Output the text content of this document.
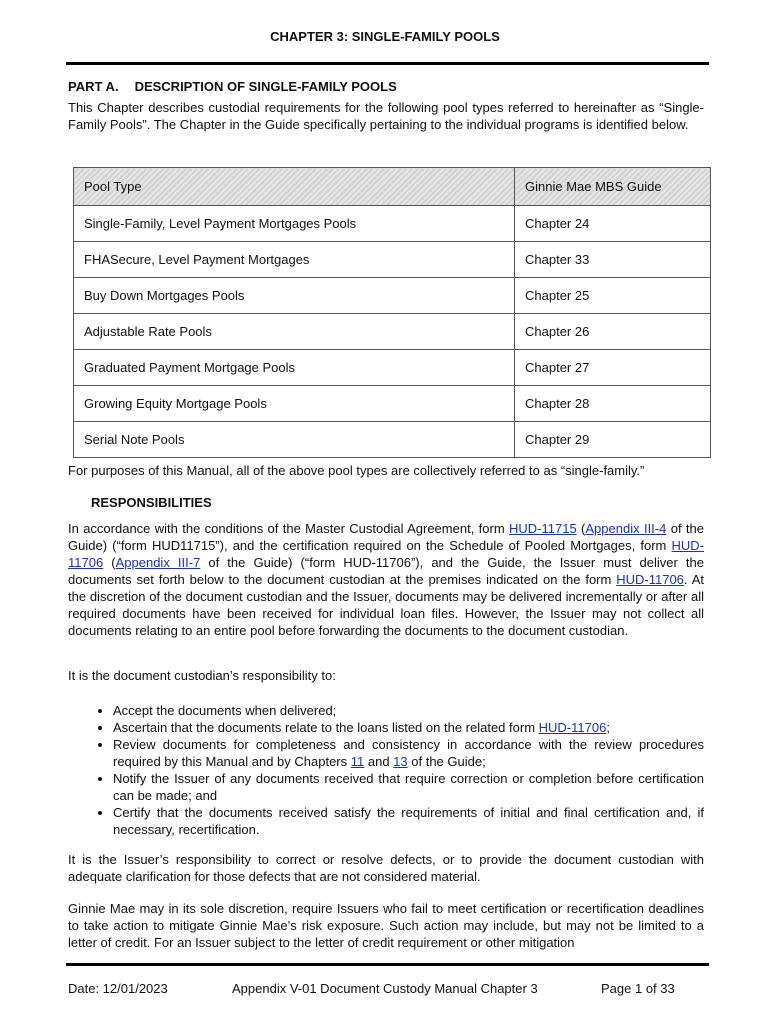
CHAPTER 3: SINGLE-FAMILY POOLS
PART A. DESCRIPTION OF SINGLE-FAMILY POOLS
This Chapter describes custodial requirements for the following pool types referred to hereinafter as “Single-Family Pools”. The Chapter in the Guide specifically pertaining to the individual programs is identified below.
Pool Type	Ginnie Mae MBS Guide
Single-Family, Level Payment Mortgages Pools	Chapter 24
FHASecure, Level Payment Mortgages	Chapter 33
Buy Down Mortgages Pools	Chapter 25
Adjustable Rate Pools	Chapter 26
Graduated Payment Mortgage Pools	Chapter 27
Growing Equity Mortgage Pools	Chapter 28
Serial Note Pools	Chapter 29
For purposes of this Manual, all of the above pool types are collectively referred to as “single-family.”
RESPONSIBILITIES
In accordance with the conditions of the Master Custodial Agreement, form HUD-11715 (Appendix III-4 of the Guide) (“form HUD11715”), and the certification required on the Schedule of Pooled Mortgages, form HUD-11706 (Appendix III-7 of the Guide) (“form HUD-11706”), and the Guide, the Issuer must deliver the documents set forth below to the document custodian at the premises indicated on the form HUD-11706. At the discretion of the document custodian and the Issuer, documents may be delivered incrementally or after all required documents have been received for individual loan files. However, the Issuer may not collect all documents relating to an entire pool before forwarding the documents to the document custodian.
It is the document custodian’s responsibility to:
• Accept the documents when delivered;
• Ascertain that the documents relate to the loans listed on the related form HUD-11706;
• Review documents for completeness and consistency in accordance with the review procedures required by this Manual and by Chapters 11 and 13 of the Guide;
• Notify the Issuer of any documents received that require correction or completion before certification can be made; and
• Certify that the documents received satisfy the requirements of initial and final certification and, if necessary, recertification.
It is the Issuer’s responsibility to correct or resolve defects, or to provide the document custodian with adequate clarification for those defects that are not considered material.
Ginnie Mae may in its sole discretion, require Issuers who fail to meet certification or recertification deadlines to take action to mitigate Ginnie Mae’s risk exposure. Such action may include, but may not be limited to a letter of credit. For an Issuer subject to the letter of credit requirement or other mitigation
Date: 12/01/2023	Appendix V-01 Document Custody Manual Chapter 3	Page 1 of 33
